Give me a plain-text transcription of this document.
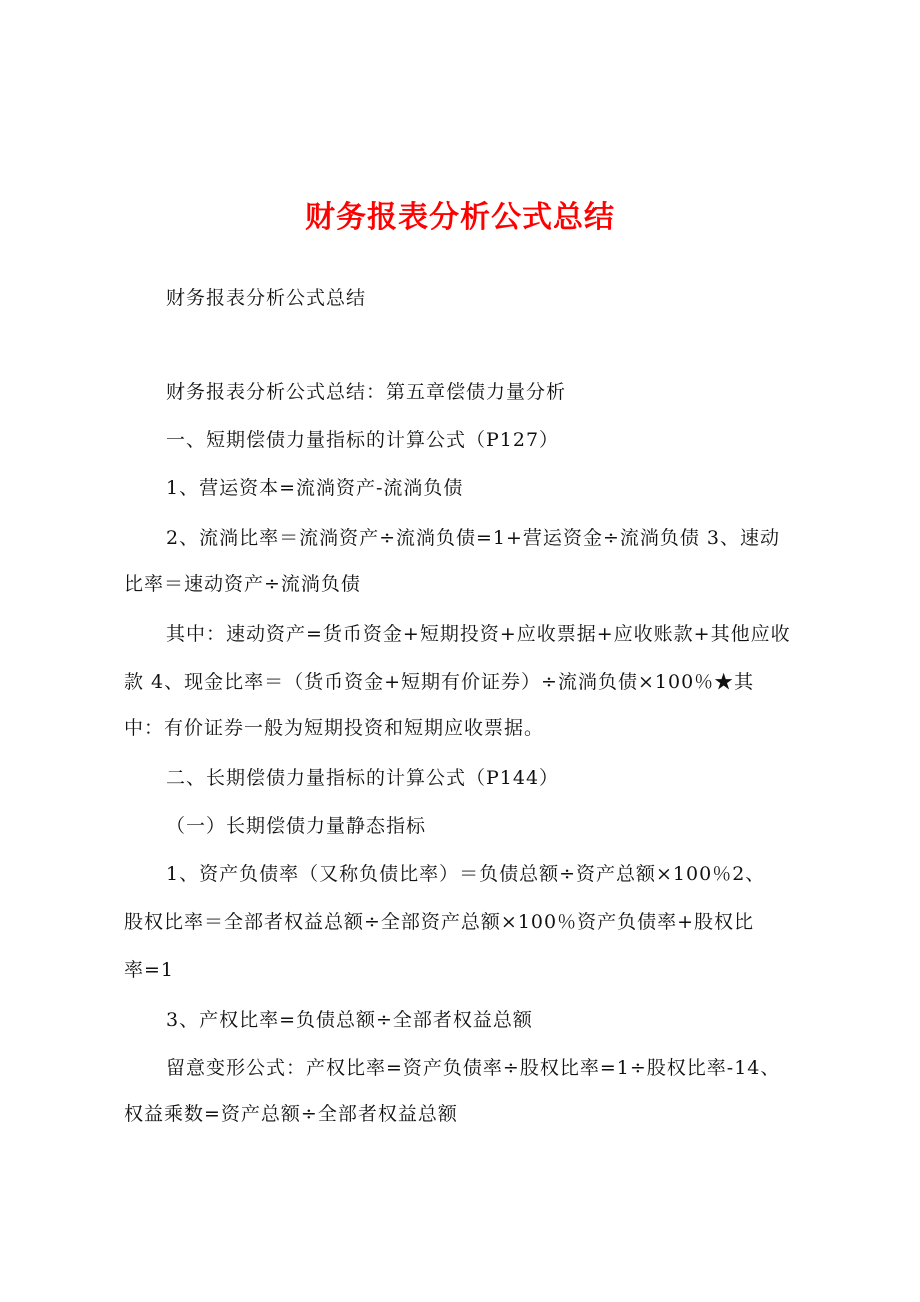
财务报表分析公式总结
财务报表分析公式总结
财务报表分析公式总结：第五章偿债力量分析
一、短期偿债力量指标的计算公式（P127）
1、营运资本=流淌资产-流淌负债
2、流淌比率＝流淌资产÷流淌负债=1+营运资金÷流淌负债 3、速动
比率＝速动资产÷流淌负债
其中：速动资产=货币资金+短期投资+应收票据+应收账款+其他应收
款 4、现金比率＝（货币资金+短期有价证券）÷流淌负债×100％★其
中：有价证券一般为短期投资和短期应收票据。
二、长期偿债力量指标的计算公式（P144）
（一）长期偿债力量静态指标
1、资产负债率（又称负债比率）＝负债总额÷资产总额×100％2、
股权比率＝全部者权益总额÷全部资产总额×100％资产负债率+股权比
率=1
3、产权比率=负债总额÷全部者权益总额
留意变形公式：产权比率=资产负债率÷股权比率=1÷股权比率-14、
权益乘数=资产总额÷全部者权益总额
